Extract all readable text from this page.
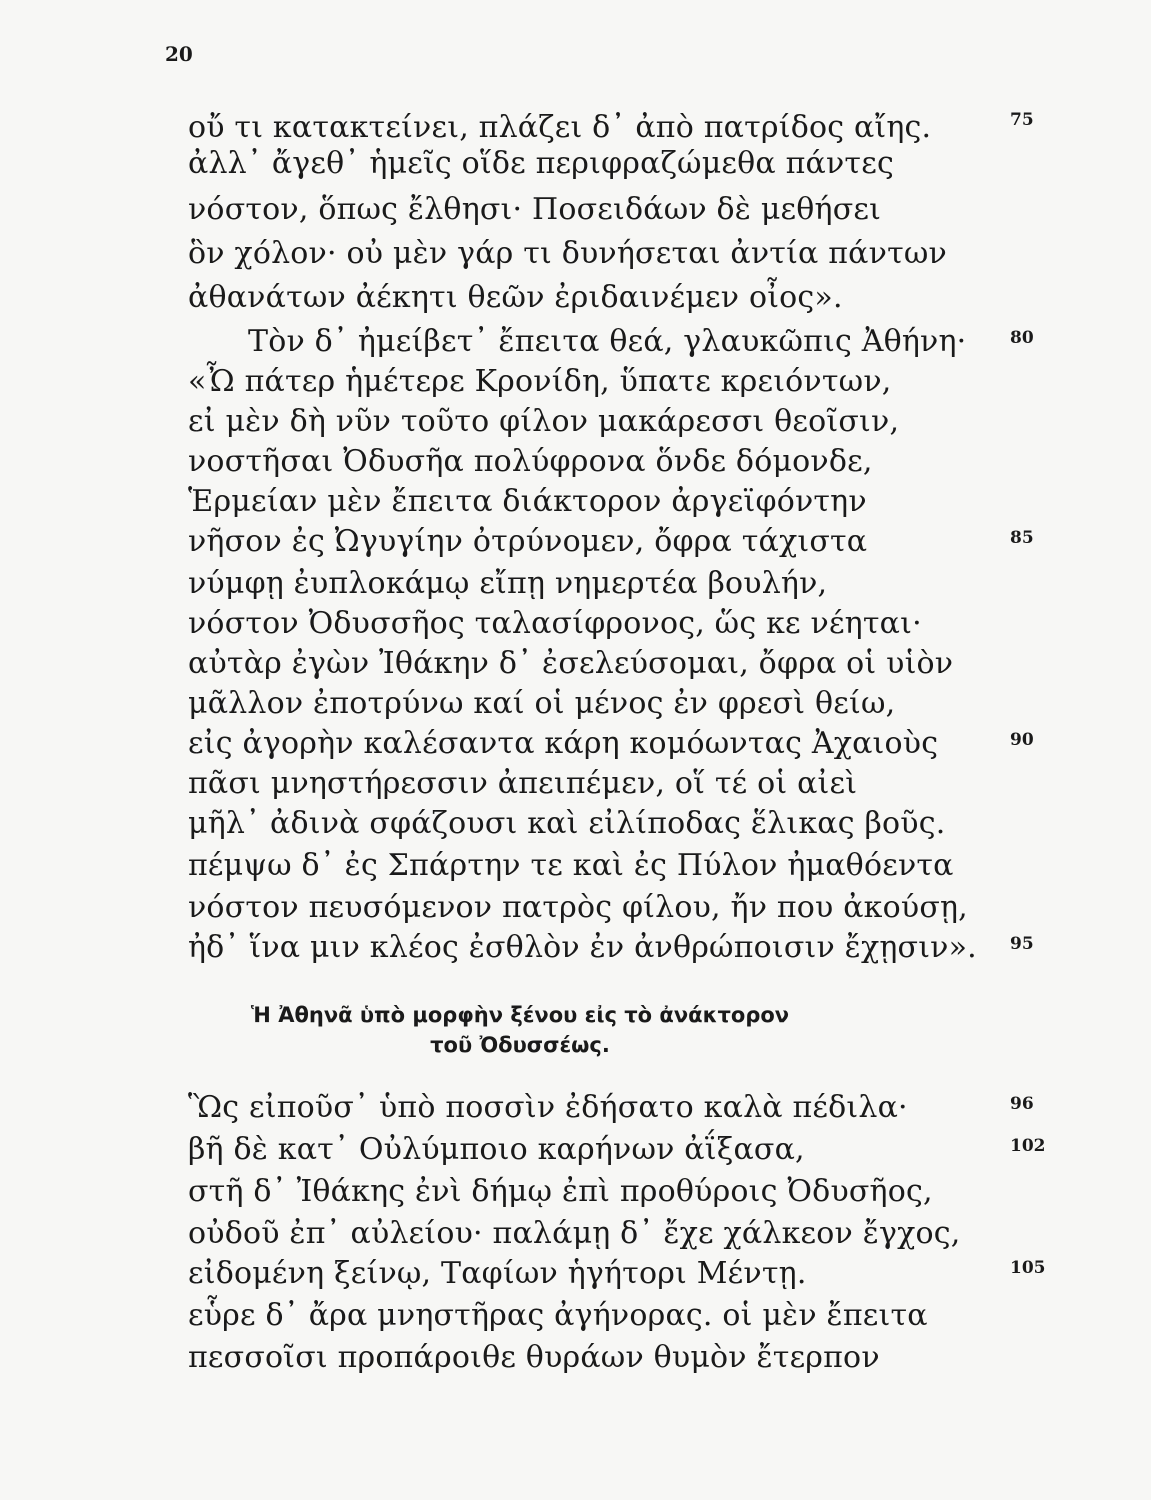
20
οὔ τι κατακτείνει, πλάζει δ᾽ ἀπὸ πατρίδος αἴης.	75
ἀλλ᾽ ἄγεθ᾽ ἡμεῖς οἵδε περιφραζώμεθα πάντες
νόστον, ὅπως ἔλθησι· Ποσειδάων δὲ μεθήσει
ὃν χόλον· οὐ μὲν γάρ τι δυνήσεται ἀντία πάντων
ἀθανάτων ἀέκητι θεῶν ἐριδαινέμεν οἶος».
Τὸν δ᾽ ἠμείβετ᾽ ἔπειτα θεά, γλαυκῶπις Ἀθήνη·	80
«Ὦ πάτερ ἡμέτερε Κρονίδη, ὕπατε κρειόντων,
εἰ μὲν δὴ νῦν τοῦτο φίλον μακάρεσσι θεοῖσιν,
νοστῆσαι Ὀδυσῆα πολύφρονα ὅνδε δόμονδε,
Ἑρμείαν μὲν ἔπειτα διάκτορον ἀργεϊφόντην
νῆσον ἐς Ὠγυγίην ὀτρύνομεν, ὄφρα τάχιστα	85
νύμφῃ ἐυπλοκάμῳ εἴπῃ νημερτέα βουλήν,
νόστον Ὀδυσσῆος ταλασίφρονος, ὥς κε νέηται·
αὐτὰρ ἐγὼν Ἰθάκην δ᾽ ἐσελεύσομαι, ὄφρα οἱ υἱὸν
μᾶλλον ἐποτρύνω καί οἱ μένος ἐν φρεσὶ θείω,
εἰς ἀγορὴν καλέσαντα κάρη κομόωντας Ἀχαιοὺς	90
πᾶσι μνηστήρεσσιν ἀπειπέμεν, οἵ τέ οἱ αἰεὶ
μῆλ᾽ ἀδινὰ σφάζουσι καὶ εἰλίποδας ἕλικας βοῦς.
πέμψω δ᾽ ἐς Σπάρτην τε καὶ ἐς Πύλον ἠμαθόεντα
νόστον πευσόμενον πατρὸς φίλου, ἤν που ἀκούσῃ,
ἠδ᾽ ἵνα μιν κλέος ἐσθλὸν ἐν ἀνθρώποισιν ἔχῃσιν». 95
Ἡ Ἀθηνᾶ ὑπὸ μορφὴν ξένου εἰς τὸ ἀνάκτορον
τοῦ Ὀδυσσέως.
Ὣς εἰποῦσ᾽ ὑπὸ ποσσὶν ἐδήσατο καλὰ πέδιλα·	96
βῆ δὲ κατ᾽ Οὐλύμποιο καρήνων ἀΐξασα,	102
στῆ δ᾽ Ἰθάκης ἐνὶ δήμῳ ἐπὶ προθύροις Ὀδυσῆος,
οὐδοῦ ἐπ᾽ αὐλείου· παλάμῃ δ᾽ ἔχε χάλκεον ἔγχος,
εἰδομένη ξείνῳ, Ταφίων ἡγήτορι Μέντῃ.	105
εὗρε δ᾽ ἄρα μνηστῆρας ἀγήνορας. οἱ μὲν ἔπειτα
πεσσοῖσι προπάροιθε θυράων θυμὸν ἔτερπον
